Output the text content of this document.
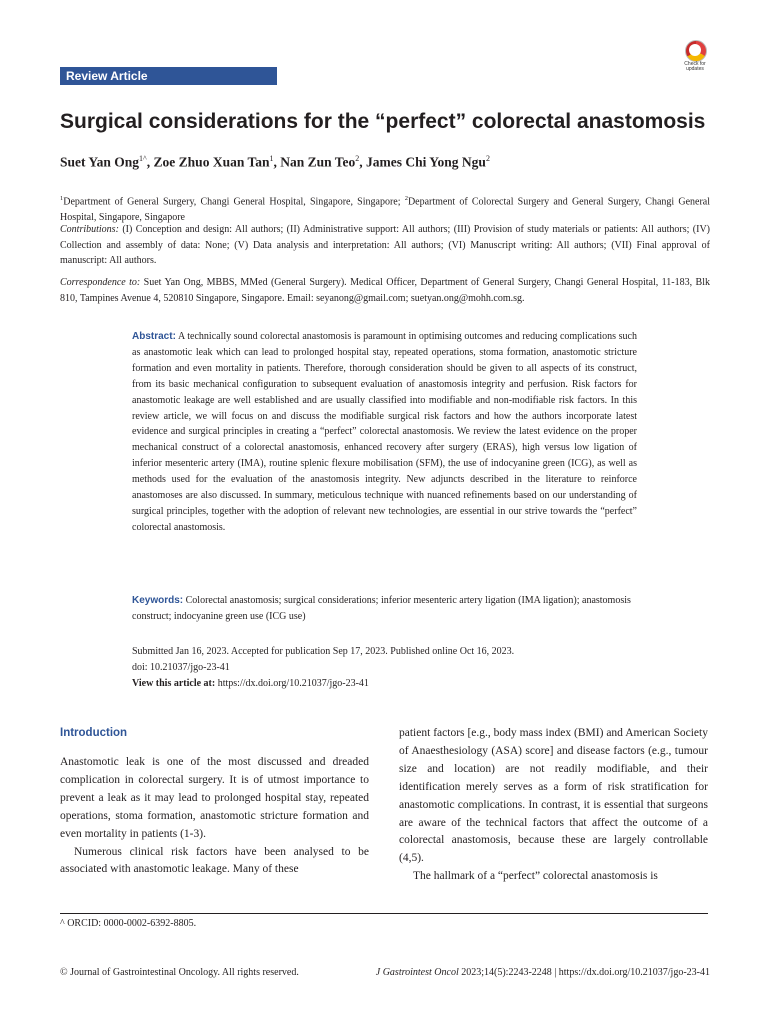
Review Article
Check for updates
Surgical considerations for the “perfect” colorectal anastomosis
Suet Yan Ong$^{1\^{}}$, Zoe Zhuo Xuan Tan$^1$, Nan Zun Teo$^2$, James Chi Yong Ngu$^2$
$^1$Department of General Surgery, Changi General Hospital, Singapore, Singapore; $^2$Department of Colorectal Surgery and General Surgery, Changi General Hospital, Singapore, Singapore
Contributions: (I) Conception and design: All authors; (II) Administrative support: All authors; (III) Provision of study materials or patients: All authors; (IV) Collection and assembly of data: None; (V) Data analysis and interpretation: All authors; (VI) Manuscript writing: All authors; (VII) Final approval of manuscript: All authors.
Correspondence to: Suet Yan Ong, MBBS, MMed (General Surgery). Medical Officer, Department of General Surgery, Changi General Hospital, 11-183, Blk 810, Tampines Avenue 4, 520810 Singapore, Singapore. Email: seyanong@gmail.com; suetyan.ong@mohh.com.sg.
Abstract: A technically sound colorectal anastomosis is paramount in optimising outcomes and reducing complications such as anastomotic leak which can lead to prolonged hospital stay, repeated operations, stoma formation, anastomotic stricture formation and even mortality in patients. Therefore, thorough consideration should be given to all aspects of its construct, from its basic mechanical configuration to subsequent evaluation of anastomosis integrity and perfusion. Risk factors for anastomotic leakage are well established and are usually classified into modifiable and non-modifiable risk factors. In this review article, we will focus on and discuss the modifiable surgical risk factors and how the authors incorporate latest evidence and surgical principles in creating a “perfect” colorectal anastomosis. We review the latest evidence on the proper mechanical construct of a colorectal anastomosis, enhanced recovery after surgery (ERAS), high versus low ligation of inferior mesenteric artery (IMA), routine splenic flexure mobilisation (SFM), the use of indocyanine green (ICG), as well as methods used for the evaluation of the anastomosis integrity. New adjuncts described in the literature to reinforce anastomoses are also discussed. In summary, meticulous technique with nuanced refinements based on our understanding of surgical principles, together with the adoption of relevant new technologies, are essential in our strive towards the “perfect” colorectal anastomosis.
Keywords: Colorectal anastomosis; surgical considerations; inferior mesenteric artery ligation (IMA ligation); anastomosis construct; indocyanine green use (ICG use)
Submitted Jan 16, 2023. Accepted for publication Sep 17, 2023. Published online Oct 16, 2023.
doi: 10.21037/jgo-23-41
View this article at: https://dx.doi.org/10.21037/jgo-23-41
Introduction

Anastomotic leak is one of the most discussed and dreaded complication in colorectal surgery. It is of utmost importance to prevent a leak as it may lead to prolonged hospital stay, repeated operations, stoma formation, anastomotic stricture formation and even mortality in patients (1-3).

Numerous clinical risk factors have been analysed to be associated with anastomotic leakage. Many of these

patient factors [e.g., body mass index (BMI) and American Society of Anaesthesiology (ASA) score] and disease factors (e.g., tumour size and location) are not readily modifiable, and their identification merely serves as a form of risk stratification for anastomotic complications. In contrast, it is essential that surgeons are aware of the technical factors that affect the outcome of a colorectal anastomosis, because these are largely controllable (4,5).

The hallmark of a “perfect” colorectal anastomosis is

^ ORCID: 0000-0002-6392-8805.
© Journal of Gastrointestinal Oncology. All rights reserved.	J Gastrointest Oncol 2023;14(5):2243-2248 | https://dx.doi.org/10.21037/jgo-23-41
